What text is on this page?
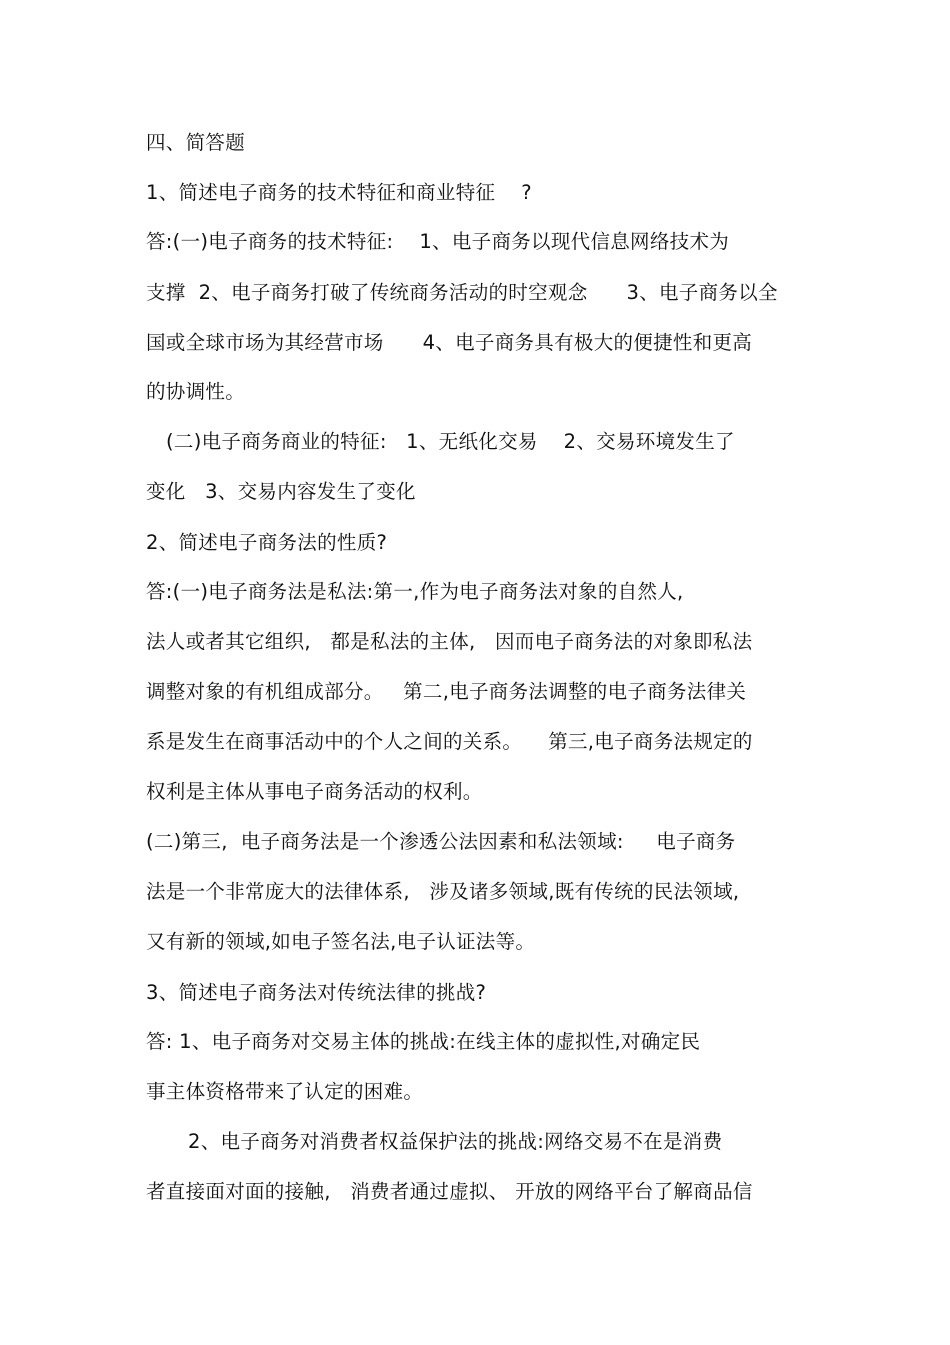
四、简答题
1、简述电子商务的技术特征和商业特征    ?
答:(一)电子商务的技术特征:    1、电子商务以现代信息网络技术为
支撑  2、电子商务打破了传统商务活动的时空观念      3、电子商务以全
国或全球市场为其经营市场      4、电子商务具有极大的便捷性和更高
的协调性。
(二)电子商务商业的特征:   1、无纸化交易    2、交易环境发生了
变化   3、交易内容发生了变化
2、简述电子商务法的性质?
答:(一)电子商务法是私法:第一,作为电子商务法对象的自然人,
法人或者其它组织,   都是私法的主体,   因而电子商务法的对象即私法
调整对象的有机组成部分。   第二,电子商务法调整的电子商务法律关
系是发生在商事活动中的个人之间的关系。    第三,电子商务法规定的
权利是主体从事电子商务活动的权利。
(二)第三,  电子商务法是一个渗透公法因素和私法领域:     电子商务
法是一个非常庞大的法律体系,   涉及诸多领域,既有传统的民法领域,
又有新的领域,如电子签名法,电子认证法等。
3、简述电子商务法对传统法律的挑战?
答: 1、电子商务对交易主体的挑战:在线主体的虚拟性,对确定民
事主体资格带来了认定的困难。
2、电子商务对消费者权益保护法的挑战:网络交易不在是消费
者直接面对面的接触,   消费者通过虚拟、 开放的网络平台了解商品信
